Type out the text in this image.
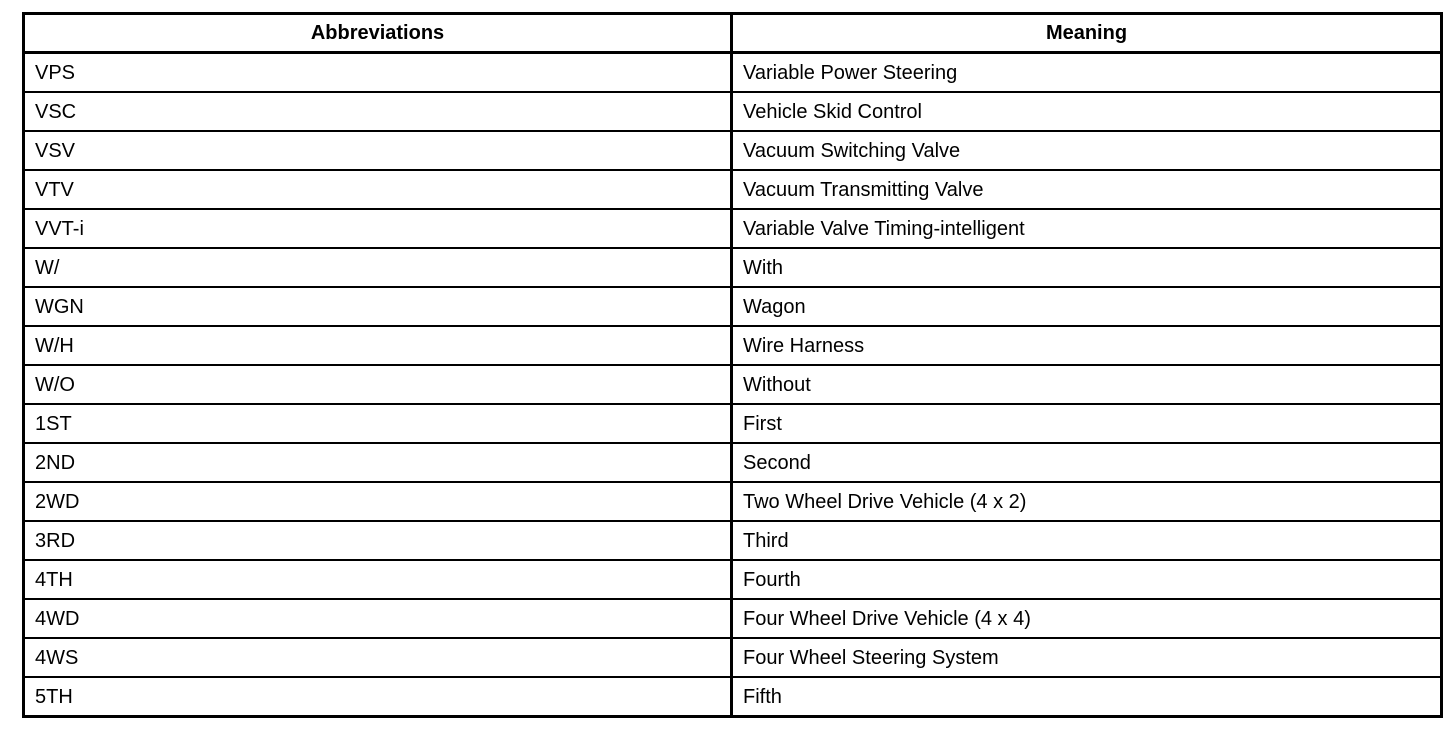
Abbreviations	Meaning
VPS	Variable Power Steering
VSC	Vehicle Skid Control
VSV	Vacuum Switching Valve
VTV	Vacuum Transmitting Valve
VVT-i	Variable Valve Timing-intelligent
W/	With
WGN	Wagon
W/H	Wire Harness
W/O	Without
1ST	First
2ND	Second
2WD	Two Wheel Drive Vehicle (4 x 2)
3RD	Third
4TH	Fourth
4WD	Four Wheel Drive Vehicle (4 x 4)
4WS	Four Wheel Steering System
5TH	Fifth
